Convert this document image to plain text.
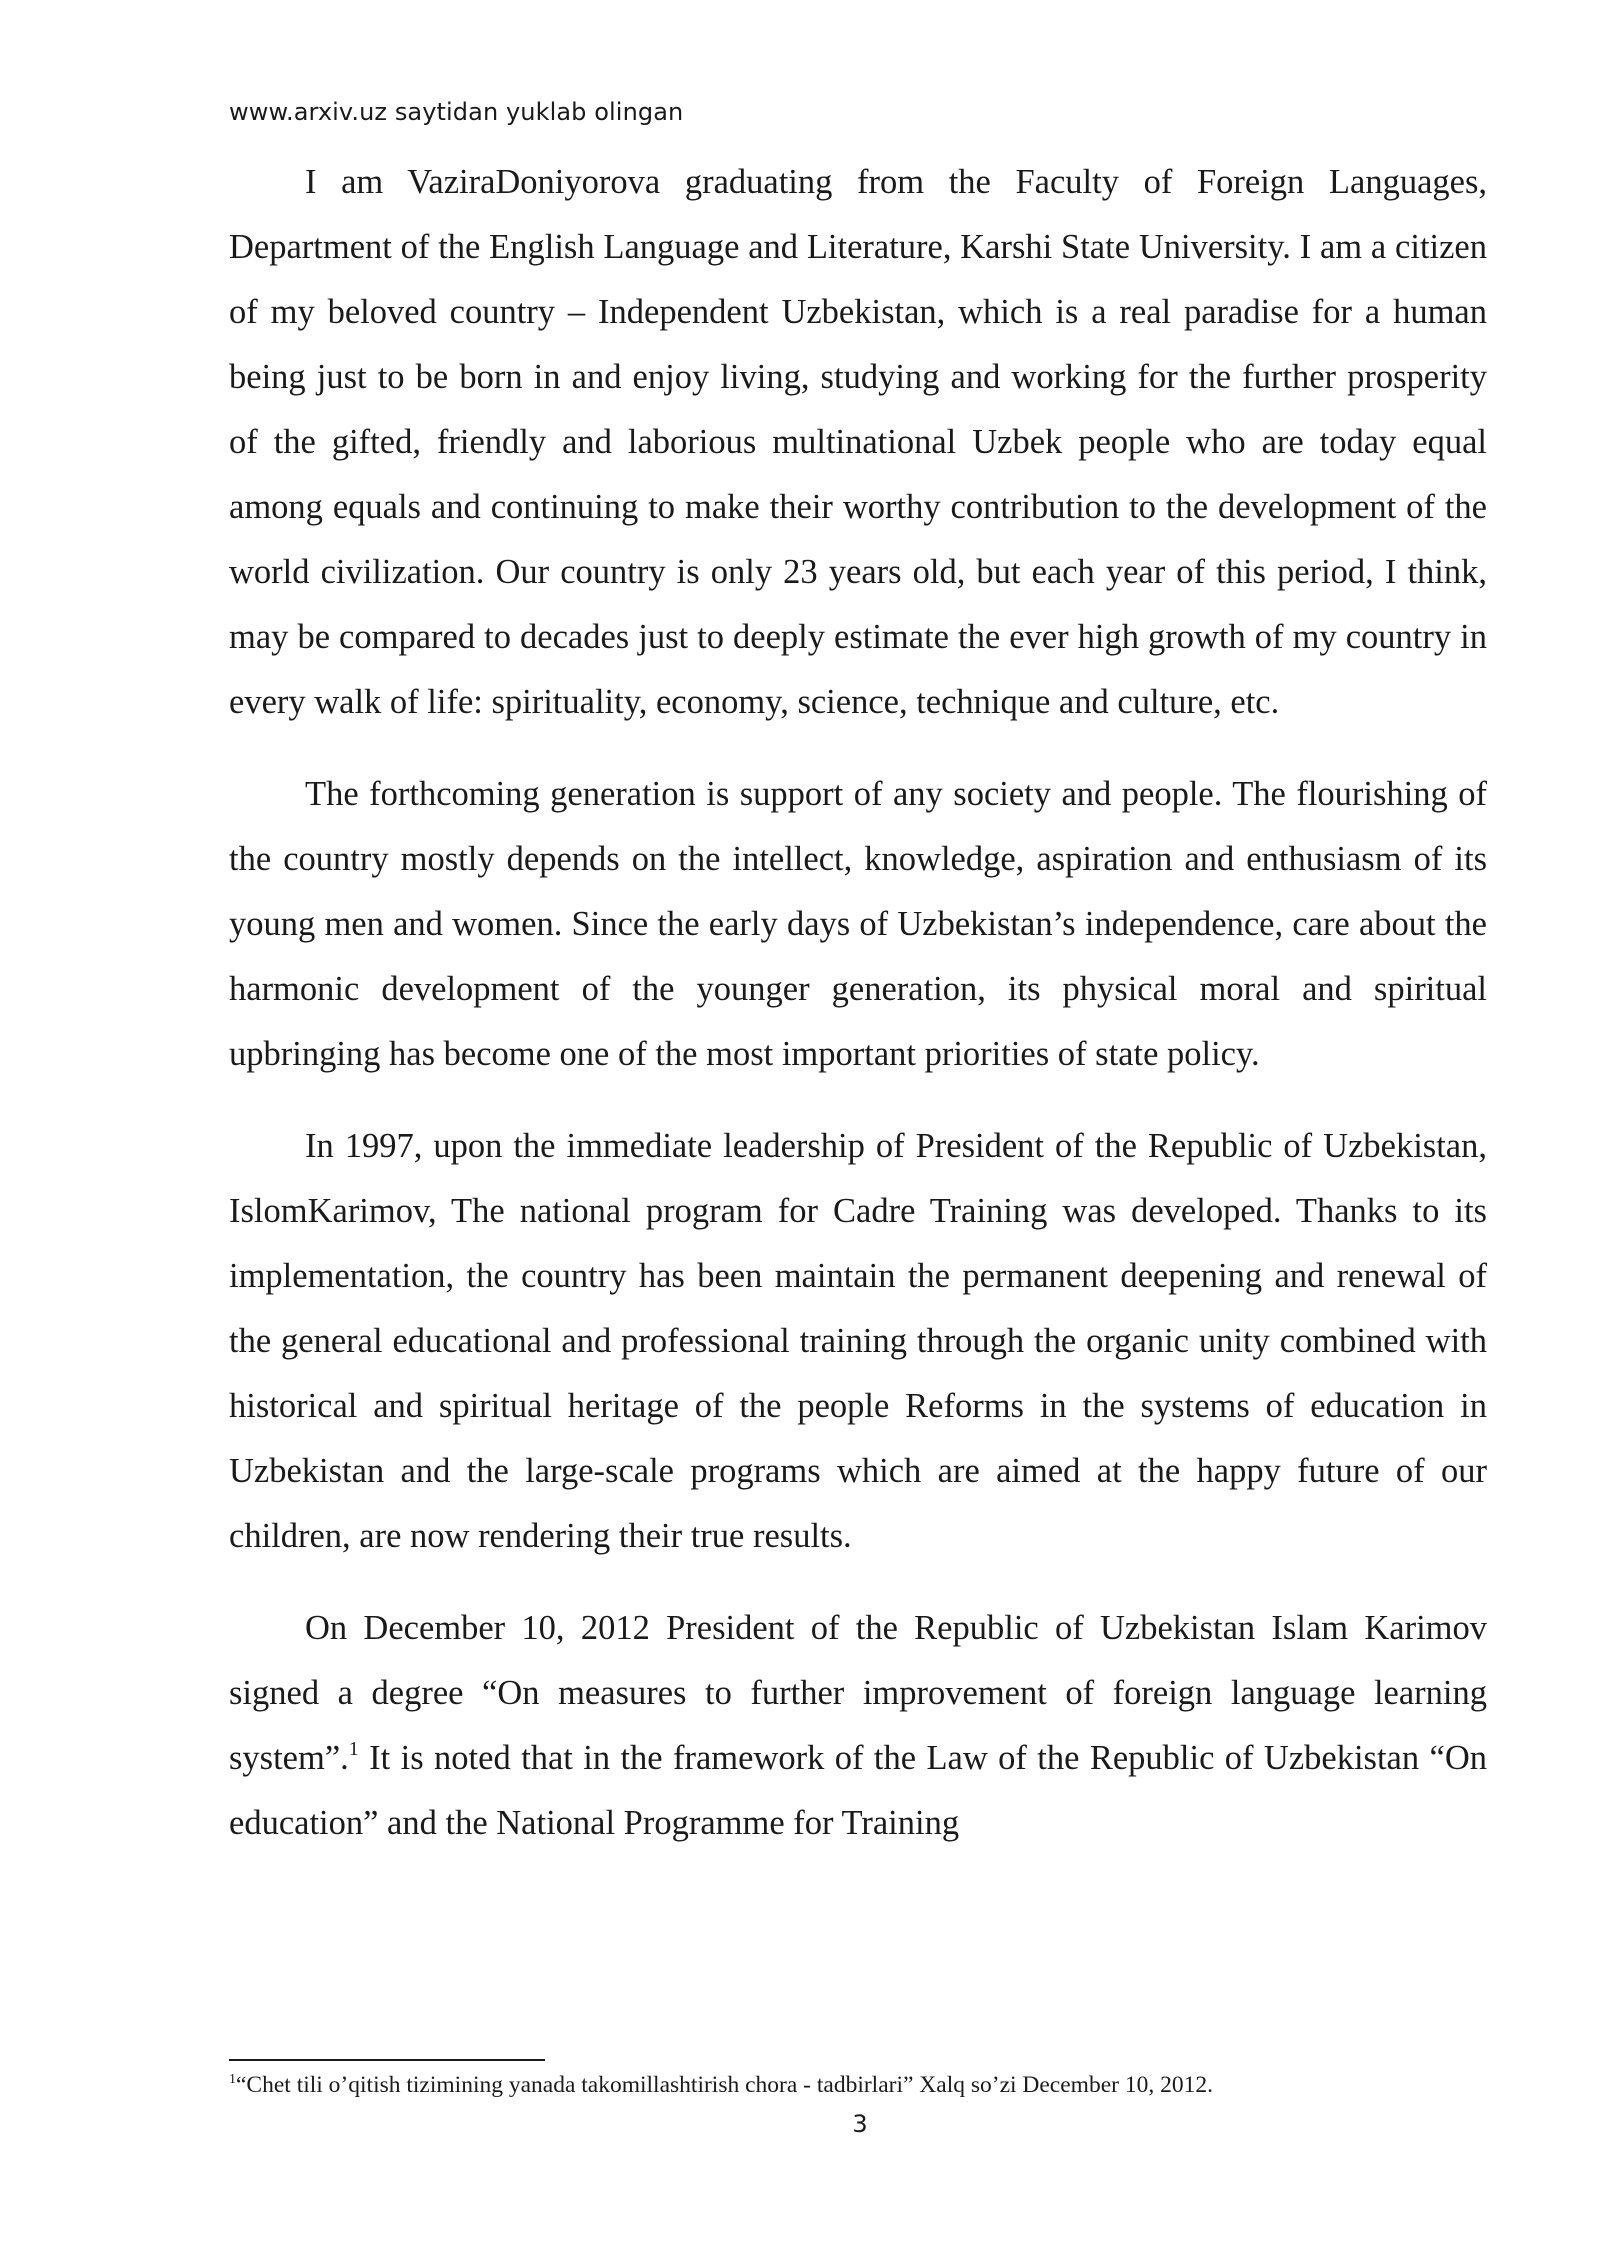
www.arxiv.uz saytidan yuklab olingan

I am VaziraDoniyorova graduating from the Faculty of Foreign Languages, Department of the English Language and Literature, Karshi State University. I am a citizen of my beloved country – Independent Uzbekistan, which is a real paradise for a human being just to be born in and enjoy living, studying and working for the further prosperity of the gifted, friendly and laborious multinational Uzbek people who are today equal among equals and continuing to make their worthy contribution to the development of the world civilization. Our country is only 23 years old, but each year of this period, I think, may be compared to decades just to deeply estimate the ever high growth of my country in every walk of life: spirituality, economy, science, technique and culture, etc.

The forthcoming generation is support of any society and people. The flourishing of the country mostly depends on the intellect, knowledge, aspiration and enthusiasm of its young men and women. Since the early days of Uzbekistan’s independence, care about the harmonic development of the younger generation, its physical moral and spiritual upbringing has become one of the most important priorities of state policy.

In 1997, upon the immediate leadership of President of the Republic of Uzbekistan, IslomKarimov, The national program for Cadre Training was developed. Thanks to its implementation, the country has been maintain the permanent deepening and renewal of the general educational and professional training through the organic unity combined with historical and spiritual heritage of the people Reforms in the systems of education in Uzbekistan and the large-scale programs which are aimed at the happy future of our children, are now rendering their true results.

On December 10, 2012 President of the Republic of Uzbekistan Islam Karimov signed a degree “On measures to further improvement of foreign language learning system”.$^1$ It is noted that in the framework of the Law of the Republic of Uzbekistan “On education” and the National Programme for Training

$^1$“Chet tili o’qitish tizimining yanada takomillashtirish chora - tadbirlari” Xalq so’zi December 10, 2012.
3
